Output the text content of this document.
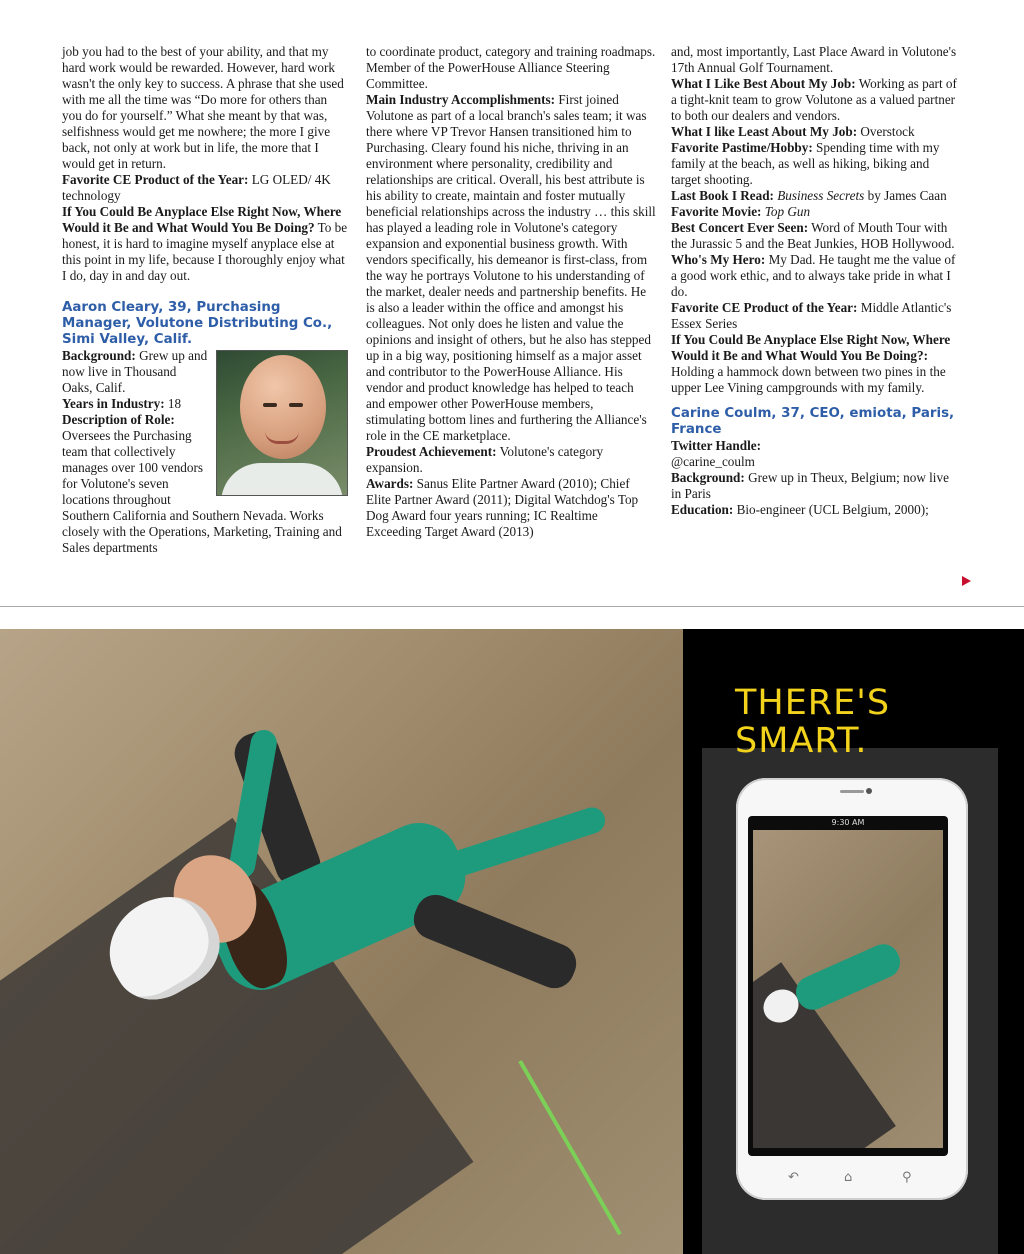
job you had to the best of your ability, and that my hard work would be rewarded. However, hard work wasn't the only key to success. A phrase that she used with me all the time was “Do more for others than you do for yourself.” What she meant by that was, selfishness would get me nowhere; the more I give back, not only at work but in life, the more that I would get in return.

Favorite CE Product of the Year: LG OLED/ 4K technology

If You Could Be Anyplace Else Right Now, Where Would it Be and What Would You Be Doing? To be honest, it is hard to imagine myself anyplace else at this point in my life, because I thoroughly enjoy what I do, day in and day out.

Aaron Cleary, 39, Purchasing Manager, Volutone Distributing Co., Simi Valley, Calif.

Background: Grew up and now live in Thousand Oaks, Calif.

Years in Industry: 18

Description of Role: Oversees the Purchasing team that collectively manages over 100 vendors for Volutone's seven locations throughout Southern California and Southern Nevada. Works closely with the Operations, Marketing, Training and Sales departments

to coordinate product, category and training roadmaps. Member of the PowerHouse Alliance Steering Committee.

Main Industry Accomplishments: First joined Volutone as part of a local branch's sales team; it was there where VP Trevor Hansen transitioned him to Purchasing. Cleary found his niche, thriving in an environment where personality, credibility and relationships are critical. Overall, his best attribute is his ability to create, maintain and foster mutually beneficial relationships across the industry … this skill has played a leading role in Volutone's category expansion and exponential business growth. With vendors specifically, his demeanor is first-class, from the way he portrays Volutone to his understanding of the market, dealer needs and partnership benefits. He is also a leader within the office and amongst his colleagues. Not only does he listen and value the opinions and insight of others, but he also has stepped up in a big way, positioning himself as a major asset and contributor to the PowerHouse Alliance. His vendor and product knowledge has helped to teach and empower other PowerHouse members, stimulating bottom lines and furthering the Alliance's role in the CE marketplace.

Proudest Achievement: Volutone's category expansion.

Awards: Sanus Elite Partner Award (2010); Chief Elite Partner Award (2011); Digital Watchdog's Top Dog Award four years running; IC Realtime Exceeding Target Award (2013)

and, most importantly, Last Place Award in Volutone's 17th Annual Golf Tournament.

What I Like Best About My Job: Working as part of a tight-knit team to grow Volutone as a valued partner to both our dealers and vendors.

What I like Least About My Job: Overstock

Favorite Pastime/Hobby: Spending time with my family at the beach, as well as hiking, biking and target shooting.

Last Book I Read: Business Secrets by James Caan

Favorite Movie: Top Gun

Best Concert Ever Seen: Word of Mouth Tour with the Jurassic 5 and the Beat Junkies, HOB Hollywood.

Who's My Hero: My Dad. He taught me the value of a good work ethic, and to always take pride in what I do.

Favorite CE Product of the Year: Middle Atlantic's Essex Series

If You Could Be Anyplace Else Right Now, Where Would it Be and What Would You Be Doing?: Holding a hammock down between two pines in the upper Lee Vining campgrounds with my family.

Carine Coulm, 37, CEO, emiota, Paris, France

Twitter Handle:

@carine_coulm

Background: Grew up in Theux, Belgium; now live in Paris

Education: Bio-engineer (UCL Belgium, 2000);

THERE'S
SMART.
9:30 AM
↶	⌂	⚲
